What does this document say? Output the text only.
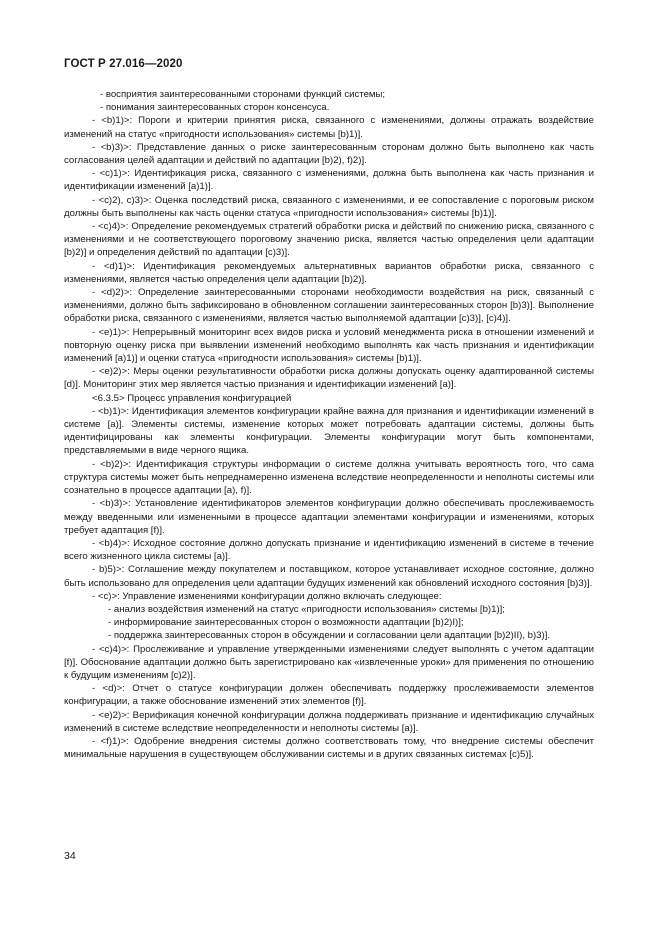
ГОСТ Р 27.016—2020

- восприятия заинтересованными сторонами функций системы;

- понимания заинтересованных сторон консенсуса.

- <b)1)>: Пороги и критерии принятия риска, связанного с изменениями, должны отражать воздействие изменений на статус «пригодности использования» системы [b)1)].

- <b)3)>: Представление данных о риске заинтересованным сторонам должно быть выполнено как часть согласования целей адаптации и действий по адаптации [b)2), f)2)].

- <c)1)>: Идентификация риска, связанного с изменениями, должна быть выполнена как часть признания и идентификации изменений [a)1)].

- <c)2), c)3)>: Оценка последствий риска, связанного с изменениями, и ее сопоставление с пороговым риском должны быть выполнены как часть оценки статуса «пригодности использования» системы [b)1)].

- <c)4)>: Определение рекомендуемых стратегий обработки риска и действий по снижению риска, связанного с изменениями и не соответствующего пороговому значению риска, является частью определения цели адаптации [b)2)] и определения действий по адаптации [c)3)].

- <d)1)>: Идентификация рекомендуемых альтернативных вариантов обработки риска, связанного с изменениями, является частью определения цели адаптации [b)2)].

- <d)2)>: Определение заинтересованными сторонами необходимости воздействия на риск, связанный с изменениями, должно быть зафиксировано в обновленном соглашении заинтересованных сторон [b)3)]. Выполнение обработки риска, связанного с изменениями, является частью выполняемой адаптации [c)3)], [c)4)].

- <e)1)>: Непрерывный мониторинг всех видов риска и условий менеджмента риска в отношении изменений и повторную оценку риска при выявлении изменений необходимо выполнять как часть признания и идентификации изменений [a)1)] и оценки статуса «пригодности использования» системы [b)1)].

- <e)2)>: Меры оценки результативности обработки риска должны допускать оценку адаптированной системы [d)]. Мониторинг этих мер является частью признания и идентификации изменений [a)].

<6.3.5> Процесс управления конфигурацией

- <b)1)>: Идентификация элементов конфигурации крайне важна для признания и идентификации изменений в системе [a)]. Элементы системы, изменение которых может потребовать адаптации системы, должны быть идентифицированы как элементы конфигурации. Элементы конфигурации могут быть компонентами, представляемыми в виде черного ящика.

- <b)2)>: Идентификация структуры информации о системе должна учитывать вероятность того, что сама структура системы может быть непреднамеренно изменена вследствие неопределенности и неполноты системы или сознательно в процессе адаптации [a), f)].

- <b)3)>: Установление идентификаторов элементов конфигурации должно обеспечивать прослеживаемость между введенными или измененными в процессе адаптации элементами конфигурации и изменениями, которых требует адаптация [f)].

- <b)4)>: Исходное состояние должно допускать признание и идентификацию изменений в системе в течение всего жизненного цикла системы [a)].

- b)5)>: Соглашение между покупателем и поставщиком, которое устанавливает исходное состояние, должно быть использовано для определения цели адаптации будущих изменений как обновлений исходного состояния [b)3)].

- <c)>: Управление изменениями конфигурации должно включать следующее:

- анализ воздействия изменений на статус «пригодности использования» системы [b)1)];

- информирование заинтересованных сторон о возможности адаптации [b)2)I)];

- поддержка заинтересованных сторон в обсуждении и согласовании цели адаптации [b)2)II), b)3)].

- <c)4)>: Прослеживание и управление утвержденными изменениями следует выполнять с учетом адаптации [f)]. Обоснование адаптации должно быть зарегистрировано как «извлеченные уроки» для применения по отношению к будущим изменениям [c)2)].

- <d)>: Отчет о статусе конфигурации должен обеспечивать поддержку прослеживаемости элементов конфигурации, а также обоснование изменений этих элементов [f)].

- <e)2)>: Верификация конечной конфигурации должна поддерживать признание и идентификацию случайных изменений в системе вследствие неопределенности и неполноты системы [a)].

- <f)1)>: Одобрение внедрения системы должно соответствовать тому, что внедрение системы обеспечит минимальные нарушения в существующем обслуживании системы и в других связанных системах [c)5)].

34
